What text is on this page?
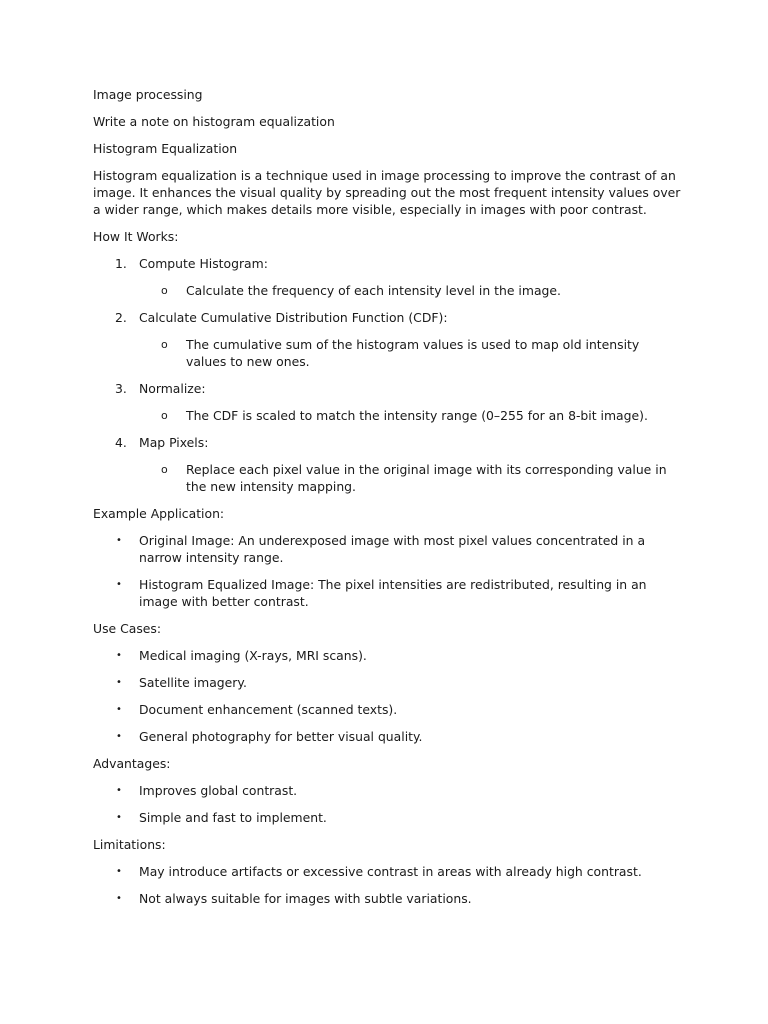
Image processing
Write a note on histogram equalization
Histogram Equalization
Histogram equalization is a technique used in image processing to improve the contrast of an image. It enhances the visual quality by spreading out the most frequent intensity values over a wider range, which makes details more visible, especially in images with poor contrast.
How It Works:
1. Compute Histogram:
o Calculate the frequency of each intensity level in the image.
2. Calculate Cumulative Distribution Function (CDF):
o The cumulative sum of the histogram values is used to map old intensity values to new ones.
3. Normalize:
o The CDF is scaled to match the intensity range (0–255 for an 8-bit image).
4. Map Pixels:
o Replace each pixel value in the original image with its corresponding value in the new intensity mapping.
Example Application:
• Original Image: An underexposed image with most pixel values concentrated in a narrow intensity range.
• Histogram Equalized Image: The pixel intensities are redistributed, resulting in an image with better contrast.
Use Cases:
• Medical imaging (X-rays, MRI scans).
• Satellite imagery.
• Document enhancement (scanned texts).
• General photography for better visual quality.
Advantages:
• Improves global contrast.
• Simple and fast to implement.
Limitations:
• May introduce artifacts or excessive contrast in areas with already high contrast.
• Not always suitable for images with subtle variations.
